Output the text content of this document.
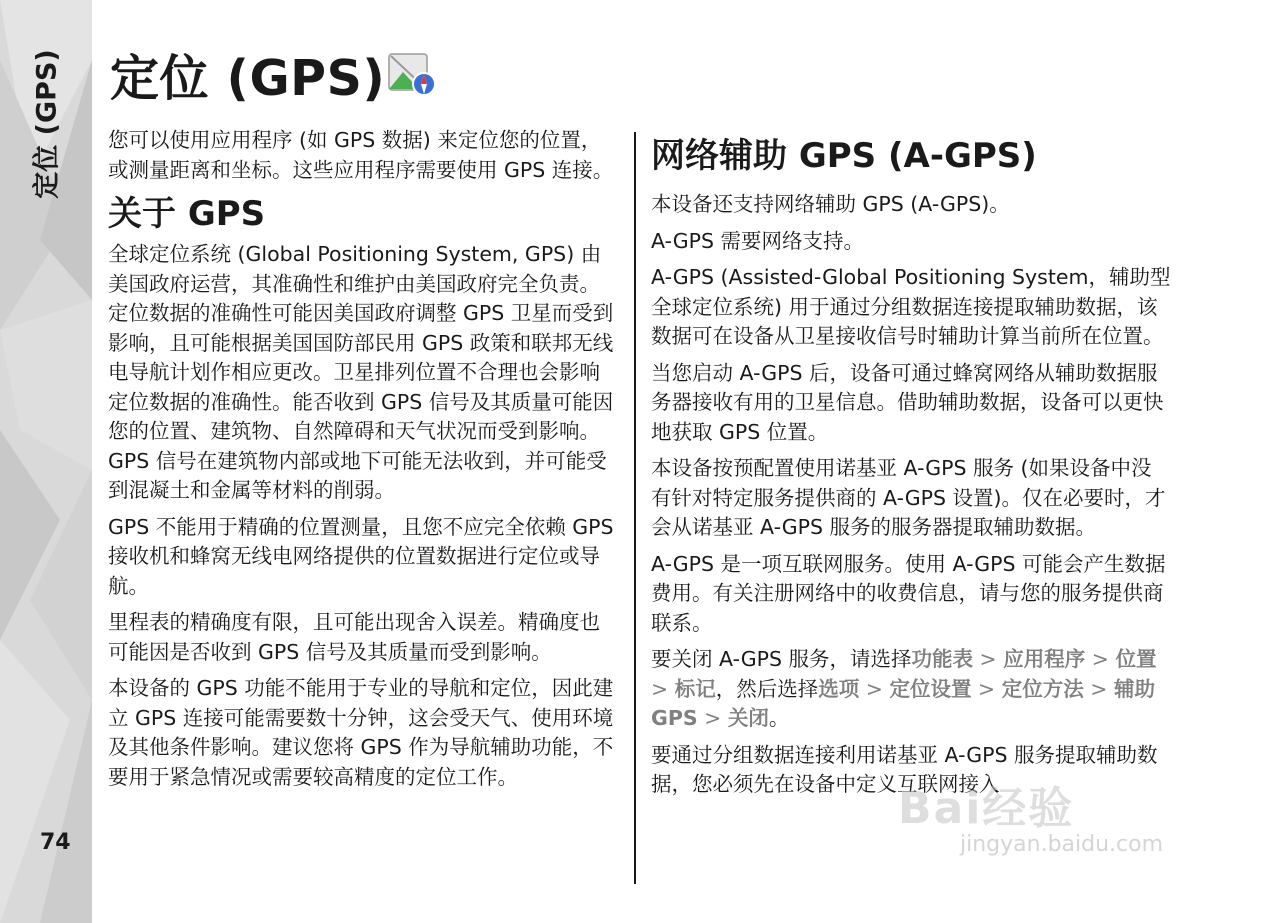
定位 (GPS)
74
定位 (GPS)

您可以使用应用程序 (如 GPS 数据) 来定位您的位置，或测量距离和坐标。这些应用程序需要使用 GPS 连接。

关于 GPS

全球定位系统 (Global Positioning System, GPS) 由美国政府运营，其准确性和维护由美国政府完全负责。定位数据的准确性可能因美国政府调整 GPS 卫星而受到影响，且可能根据美国国防部民用 GPS 政策和联邦无线电导航计划作相应更改。卫星排列位置不合理也会影响定位数据的准确性。能否收到 GPS 信号及其质量可能因您的位置、建筑物、自然障碍和天气状况而受到影响。GPS 信号在建筑物内部或地下可能无法收到，并可能受到混凝土和金属等材料的削弱。

GPS 不能用于精确的位置测量，且您不应完全依赖 GPS 接收机和蜂窝无线电网络提供的位置数据进行定位或导航。

里程表的精确度有限，且可能出现舍入误差。精确度也可能因是否收到 GPS 信号及其质量而受到影响。

本设备的 GPS 功能不能用于专业的导航和定位，因此建立 GPS 连接可能需要数十分钟，这会受天气、使用环境及其他条件影响。建议您将 GPS 作为导航辅助功能，不要用于紧急情况或需要较高精度的定位工作。

网络辅助 GPS (A-GPS)

本设备还支持网络辅助 GPS (A-GPS)。

A-GPS 需要网络支持。

A-GPS (Assisted-Global Positioning System，辅助型全球定位系统) 用于通过分组数据连接提取辅助数据，该数据可在设备从卫星接收信号时辅助计算当前所在位置。

当您启动 A-GPS 后，设备可通过蜂窝网络从辅助数据服务器接收有用的卫星信息。借助辅助数据，设备可以更快地获取 GPS 位置。

本设备按预配置使用诺基亚 A-GPS 服务 (如果设备中没有针对特定服务提供商的 A-GPS 设置)。仅在必要时，才会从诺基亚 A-GPS 服务的服务器提取辅助数据。

A-GPS 是一项互联网服务。使用 A-GPS 可能会产生数据费用。有关注册网络中的收费信息，请与您的服务提供商联系。

要关闭 A-GPS 服务，请选择功能表 > 应用程序 > 位置 > 标记，然后选择选项 > 定位设置 > 定位方法 > 辅助 GPS > 关闭。

要通过分组数据连接利用诺基亚 A-GPS 服务提取辅助数据，您必须先在设备中定义互联网接入

Bai经验
jingyan.baidu.com
